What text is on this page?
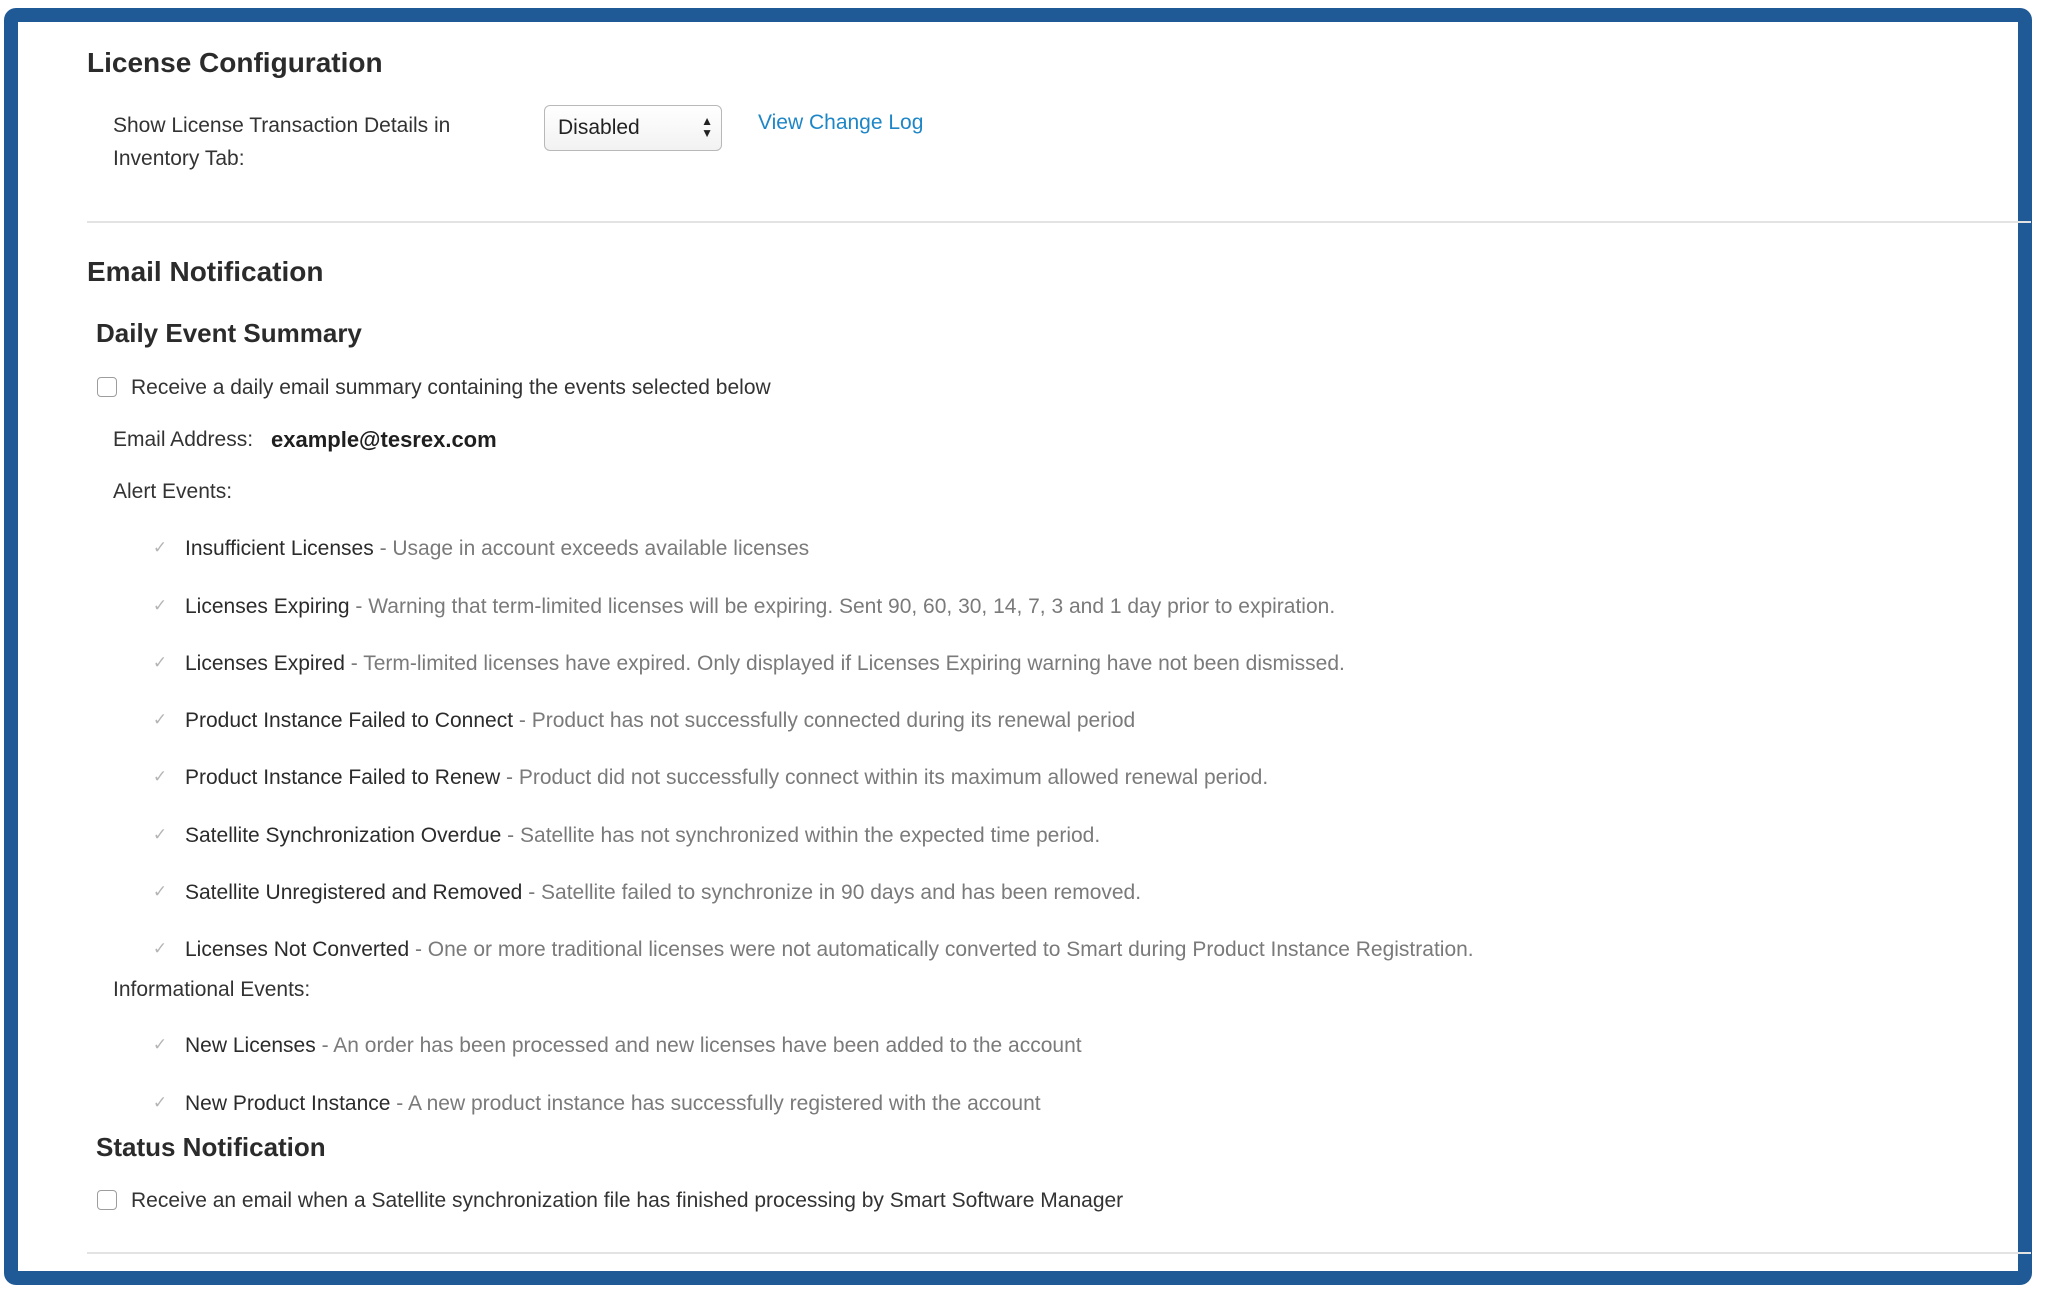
License Configuration
Show License Transaction Details in
Inventory Tab:
Disabled	▲
▼ View Change Log
Email Notification
Daily Event Summary
Receive a daily email summary containing the events selected below
Email Address: example@tesrex.com
Alert Events:
✓ Insufficient Licenses - Usage in account exceeds available licenses
✓ Licenses Expiring - Warning that term-limited licenses will be expiring. Sent 90, 60, 30, 14, 7, 3 and 1 day prior to expiration.
✓ Licenses Expired - Term-limited licenses have expired. Only displayed if Licenses Expiring warning have not been dismissed.
✓ Product Instance Failed to Connect - Product has not successfully connected during its renewal period
✓ Product Instance Failed to Renew - Product did not successfully connect within its maximum allowed renewal period.
✓ Satellite Synchronization Overdue - Satellite has not synchronized within the expected time period.
✓ Satellite Unregistered and Removed - Satellite failed to synchronize in 90 days and has been removed.
✓ Licenses Not Converted - One or more traditional licenses were not automatically converted to Smart during Product Instance Registration.
Informational Events:
✓ New Licenses - An order has been processed and new licenses have been added to the account
✓ New Product Instance - A new product instance has successfully registered with the account
Status Notification
Receive an email when a Satellite synchronization file has finished processing by Smart Software Manager
